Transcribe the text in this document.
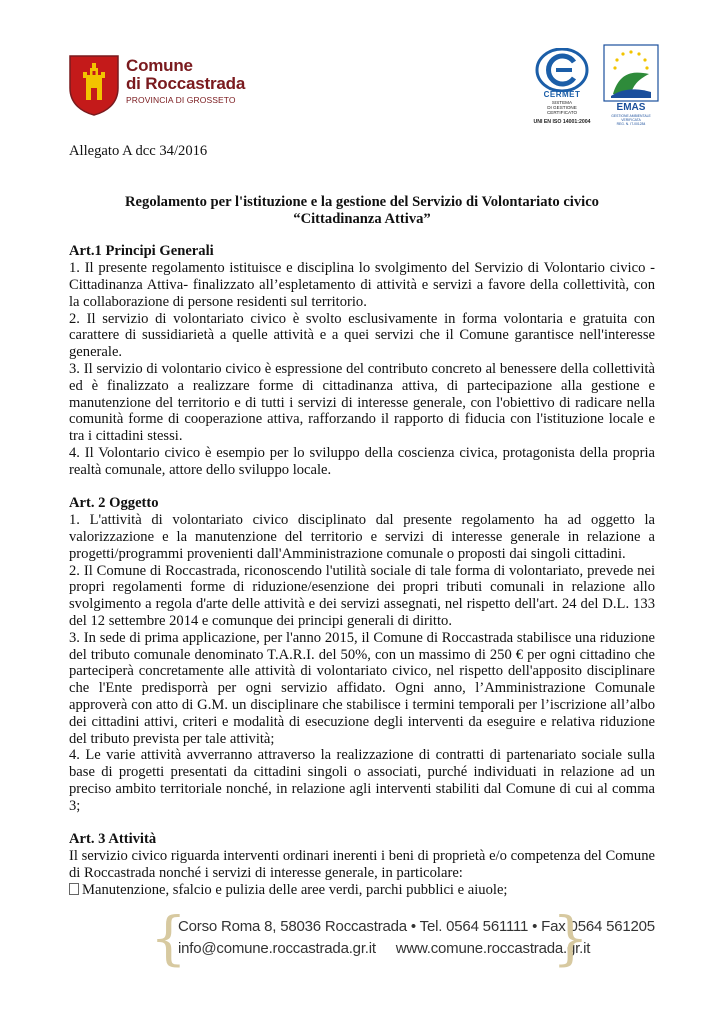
Comune
di Roccastrada
PROVINCIA DI GROSSETO
CERMET
SISTEMA
DI GESTIONE
CERTIFICATO
UNI EN ISO 14001:2004
EMAS
GESTIONE AMBIENTALE
VERIFICATA
REG. N. IT-001284

Allegato A dcc 34/2016

Regolamento per l'istituzione e la gestione del Servizio di Volontariato civico
“Cittadinanza Attiva”

Art.1 Principi Generali

1. Il presente regolamento istituisce e disciplina lo svolgimento del Servizio di Volontario civico - Cittadinanza Attiva- finalizzato all’espletamento di attività e servizi a favore della collettività, con la collaborazione di persone residenti sul territorio.

2. Il servizio di volontariato civico è svolto esclusivamente in forma volontaria e gratuita con carattere di sussidiarietà a quelle attività e a quei servizi che il Comune garantisce nell'interesse generale.

3. Il servizio di volontario civico è espressione del contributo concreto al benessere della collettività ed è finalizzato a realizzare forme di cittadinanza attiva, di partecipazione alla gestione e manutenzione del territorio e di tutti i servizi di interesse generale, con l'obiettivo di radicare nella comunità forme di cooperazione attiva, rafforzando il rapporto di fiducia con l'istituzione locale e tra i cittadini stessi.

4. Il Volontario civico è esempio per lo sviluppo della coscienza civica, protagonista della propria realtà comunale, attore dello sviluppo locale.

Art. 2 Oggetto

1. L'attività di volontariato civico disciplinato dal presente regolamento ha ad oggetto la valorizzazione e la manutenzione del territorio e servizi di interesse generale in relazione a progetti/programmi provenienti dall'Amministrazione comunale o proposti dai singoli cittadini.

2. Il Comune di Roccastrada, riconoscendo l'utilità sociale di tale forma di volontariato, prevede nei propri regolamenti forme di riduzione/esenzione dei propri tributi comunali in relazione allo svolgimento a regola d'arte delle attività e dei servizi assegnati, nel rispetto dell'art. 24 del D.L. 133 del 12 settembre 2014 e comunque dei principi generali di diritto.

3. In sede di prima applicazione, per l'anno 2015, il Comune di Roccastrada stabilisce una riduzione del tributo comunale denominato T.A.R.I. del 50%, con un massimo di 250 € per ogni cittadino che parteciperà concretamente alle attività di volontariato civico, nel rispetto dell'apposito disciplinare che l'Ente predisporrà per ogni servizio affidato. Ogni anno, l’Amministrazione Comunale approverà con atto di G.M. un disciplinare che stabilisce i termini temporali per l’iscrizione all’albo dei cittadini attivi, criteri e modalità di esecuzione degli interventi da eseguire e relativa riduzione del tributo prevista per tale attività;

4. Le varie attività avverranno attraverso la realizzazione di contratti di partenariato sociale sulla base di progetti presentati da cittadini singoli o associati, purché individuati in relazione ad un preciso ambito territoriale nonché, in relazione agli interventi stabiliti dal Comune di cui al comma 3;

Art. 3 Attività

Il servizio civico riguarda interventi ordinari inerenti i beni di proprietà e/o competenza del Comune di Roccastrada nonché i servizi di interesse generale, in particolare:

Manutenzione, sfalcio e pulizia delle aree verdi, parchi pubblici e aiuole;

{
Corso Roma 8, 58036 Roccastrada • Tel. 0564 561111 • Fax 0564 561205
info@comune.roccastrada.gr.it     www.comune.roccastrada.gr.it
}
